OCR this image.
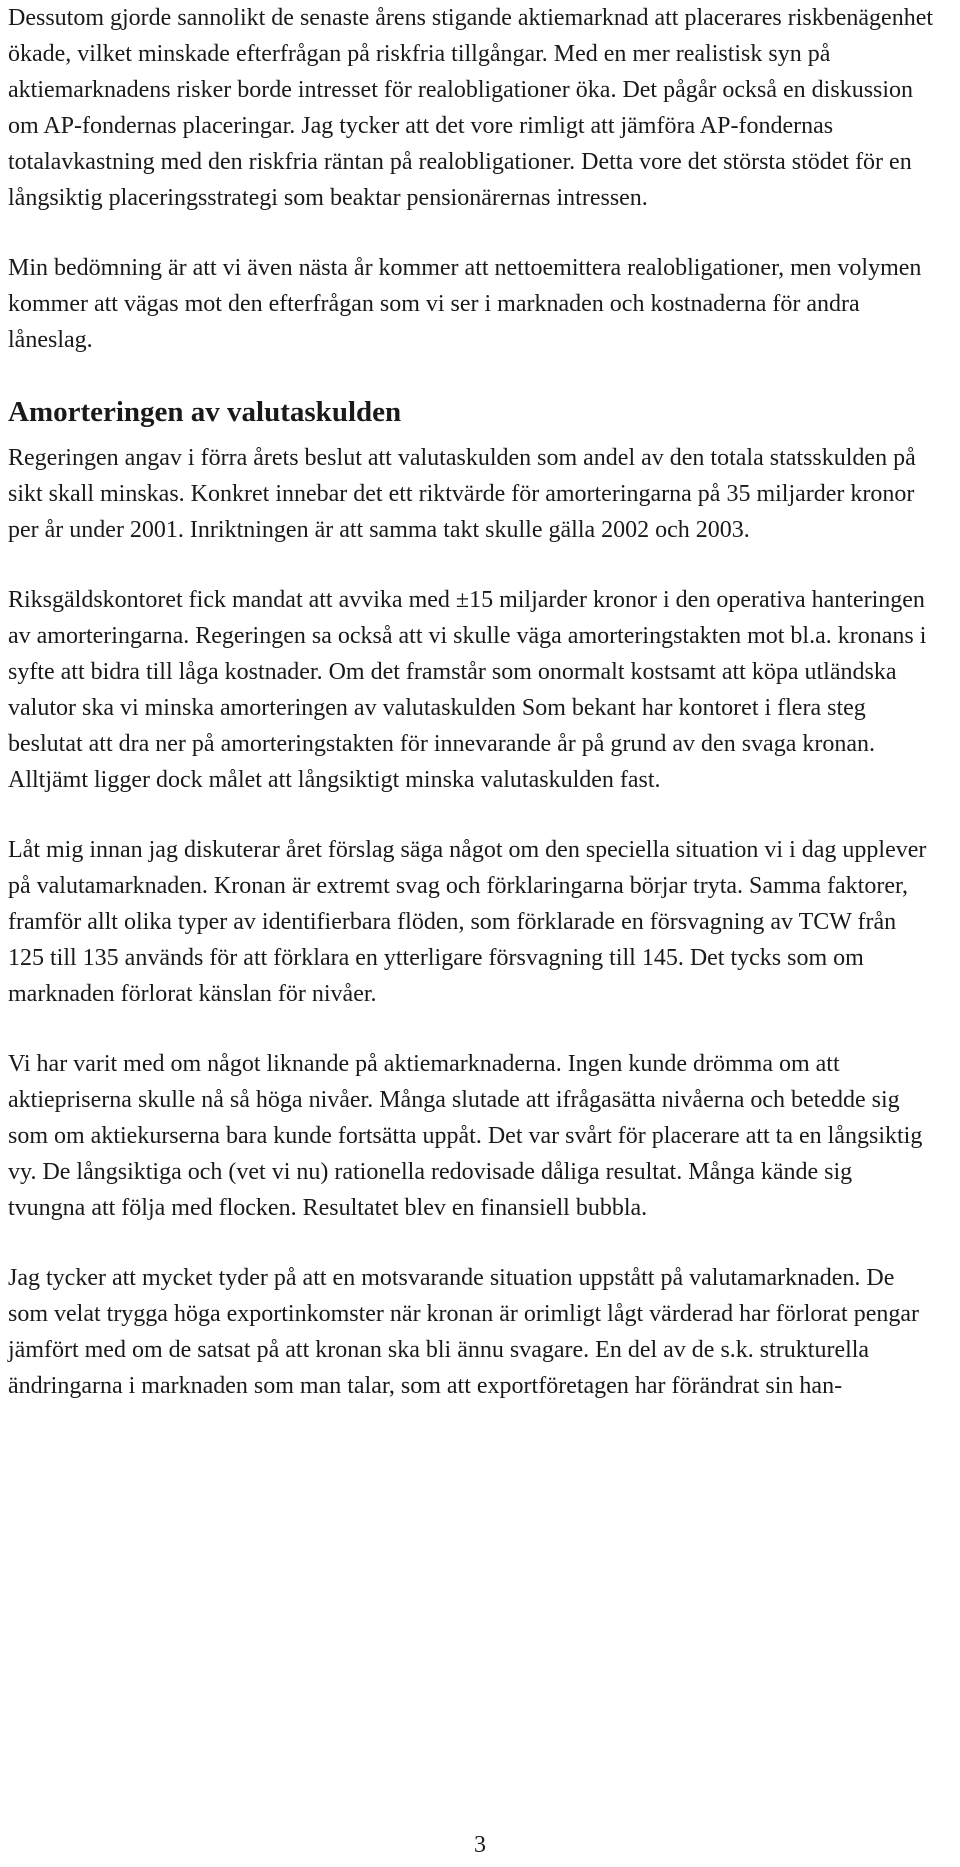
Dessutom gjorde sannolikt de senaste årens stigande aktiemarknad att placerares riskbenägenhet ökade, vilket minskade efterfrågan på riskfria tillgångar. Med en mer realistisk syn på aktiemarknadens risker borde intresset för realobligationer öka. Det pågår också en diskussion om AP-fondernas placeringar. Jag tycker att det vore rimligt att jämföra AP-fondernas totalavkastning med den riskfria räntan på realobligationer. Detta vore det största stödet för en långsiktig placeringsstrategi som beaktar pensionärernas intressen.

Min bedömning är att vi även nästa år kommer att nettoemittera realobligationer, men volymen kommer att vägas mot den efterfrågan som vi ser i marknaden och kostnaderna för andra låneslag.

Amorteringen av valutaskulden

Regeringen angav i förra årets beslut att valutaskulden som andel av den totala statsskulden på sikt skall minskas. Konkret innebar det ett riktvärde för amorteringarna på 35 miljarder kronor per år under 2001. Inriktningen är att samma takt skulle gälla 2002 och 2003.

Riksgäldskontoret fick mandat att avvika med ±15 miljarder kronor i den operativa hanteringen av amorteringarna. Regeringen sa också att vi skulle väga amorteringstakten mot bl.a. kronans i syfte att bidra till låga kostnader. Om det framstår som onormalt kostsamt att köpa utländska valutor ska vi minska amorteringen av valutaskulden Som bekant har kontoret i flera steg beslutat att dra ner på amorteringstakten för innevarande år på grund av den svaga kronan. Alltjämt ligger dock målet att långsiktigt minska valutaskulden fast.

Låt mig innan jag diskuterar året förslag säga något om den speciella situation vi i dag upplever på valutamarknaden. Kronan är extremt svag och förklaringarna börjar tryta. Samma faktorer, framför allt olika typer av identifierbara flöden, som förklarade en försvagning av TCW från 125 till 135 används för att förklara en ytterligare försvagning till 145. Det tycks som om marknaden förlorat känslan för nivåer.

Vi har varit med om något liknande på aktiemarknaderna. Ingen kunde drömma om att aktiepriserna skulle nå så höga nivåer. Många slutade att ifrågasätta nivåerna och betedde sig som om aktiekurserna bara kunde fortsätta uppåt. Det var svårt för placerare att ta en långsiktig vy. De långsiktiga och (vet vi nu) rationella redovisade dåliga resultat. Många kände sig tvungna att följa med flocken. Resultatet blev en finansiell bubbla.

Jag tycker att mycket tyder på att en motsvarande situation uppstått på valutamarknaden. De som velat trygga höga exportinkomster när kronan är orimligt lågt värderad har förlorat pengar jämfört med om de satsat på att kronan ska bli ännu svagare. En del av de s.k. strukturella ändringarna i marknaden som man talar, som att exportföretagen har förändrat sin han-

3
